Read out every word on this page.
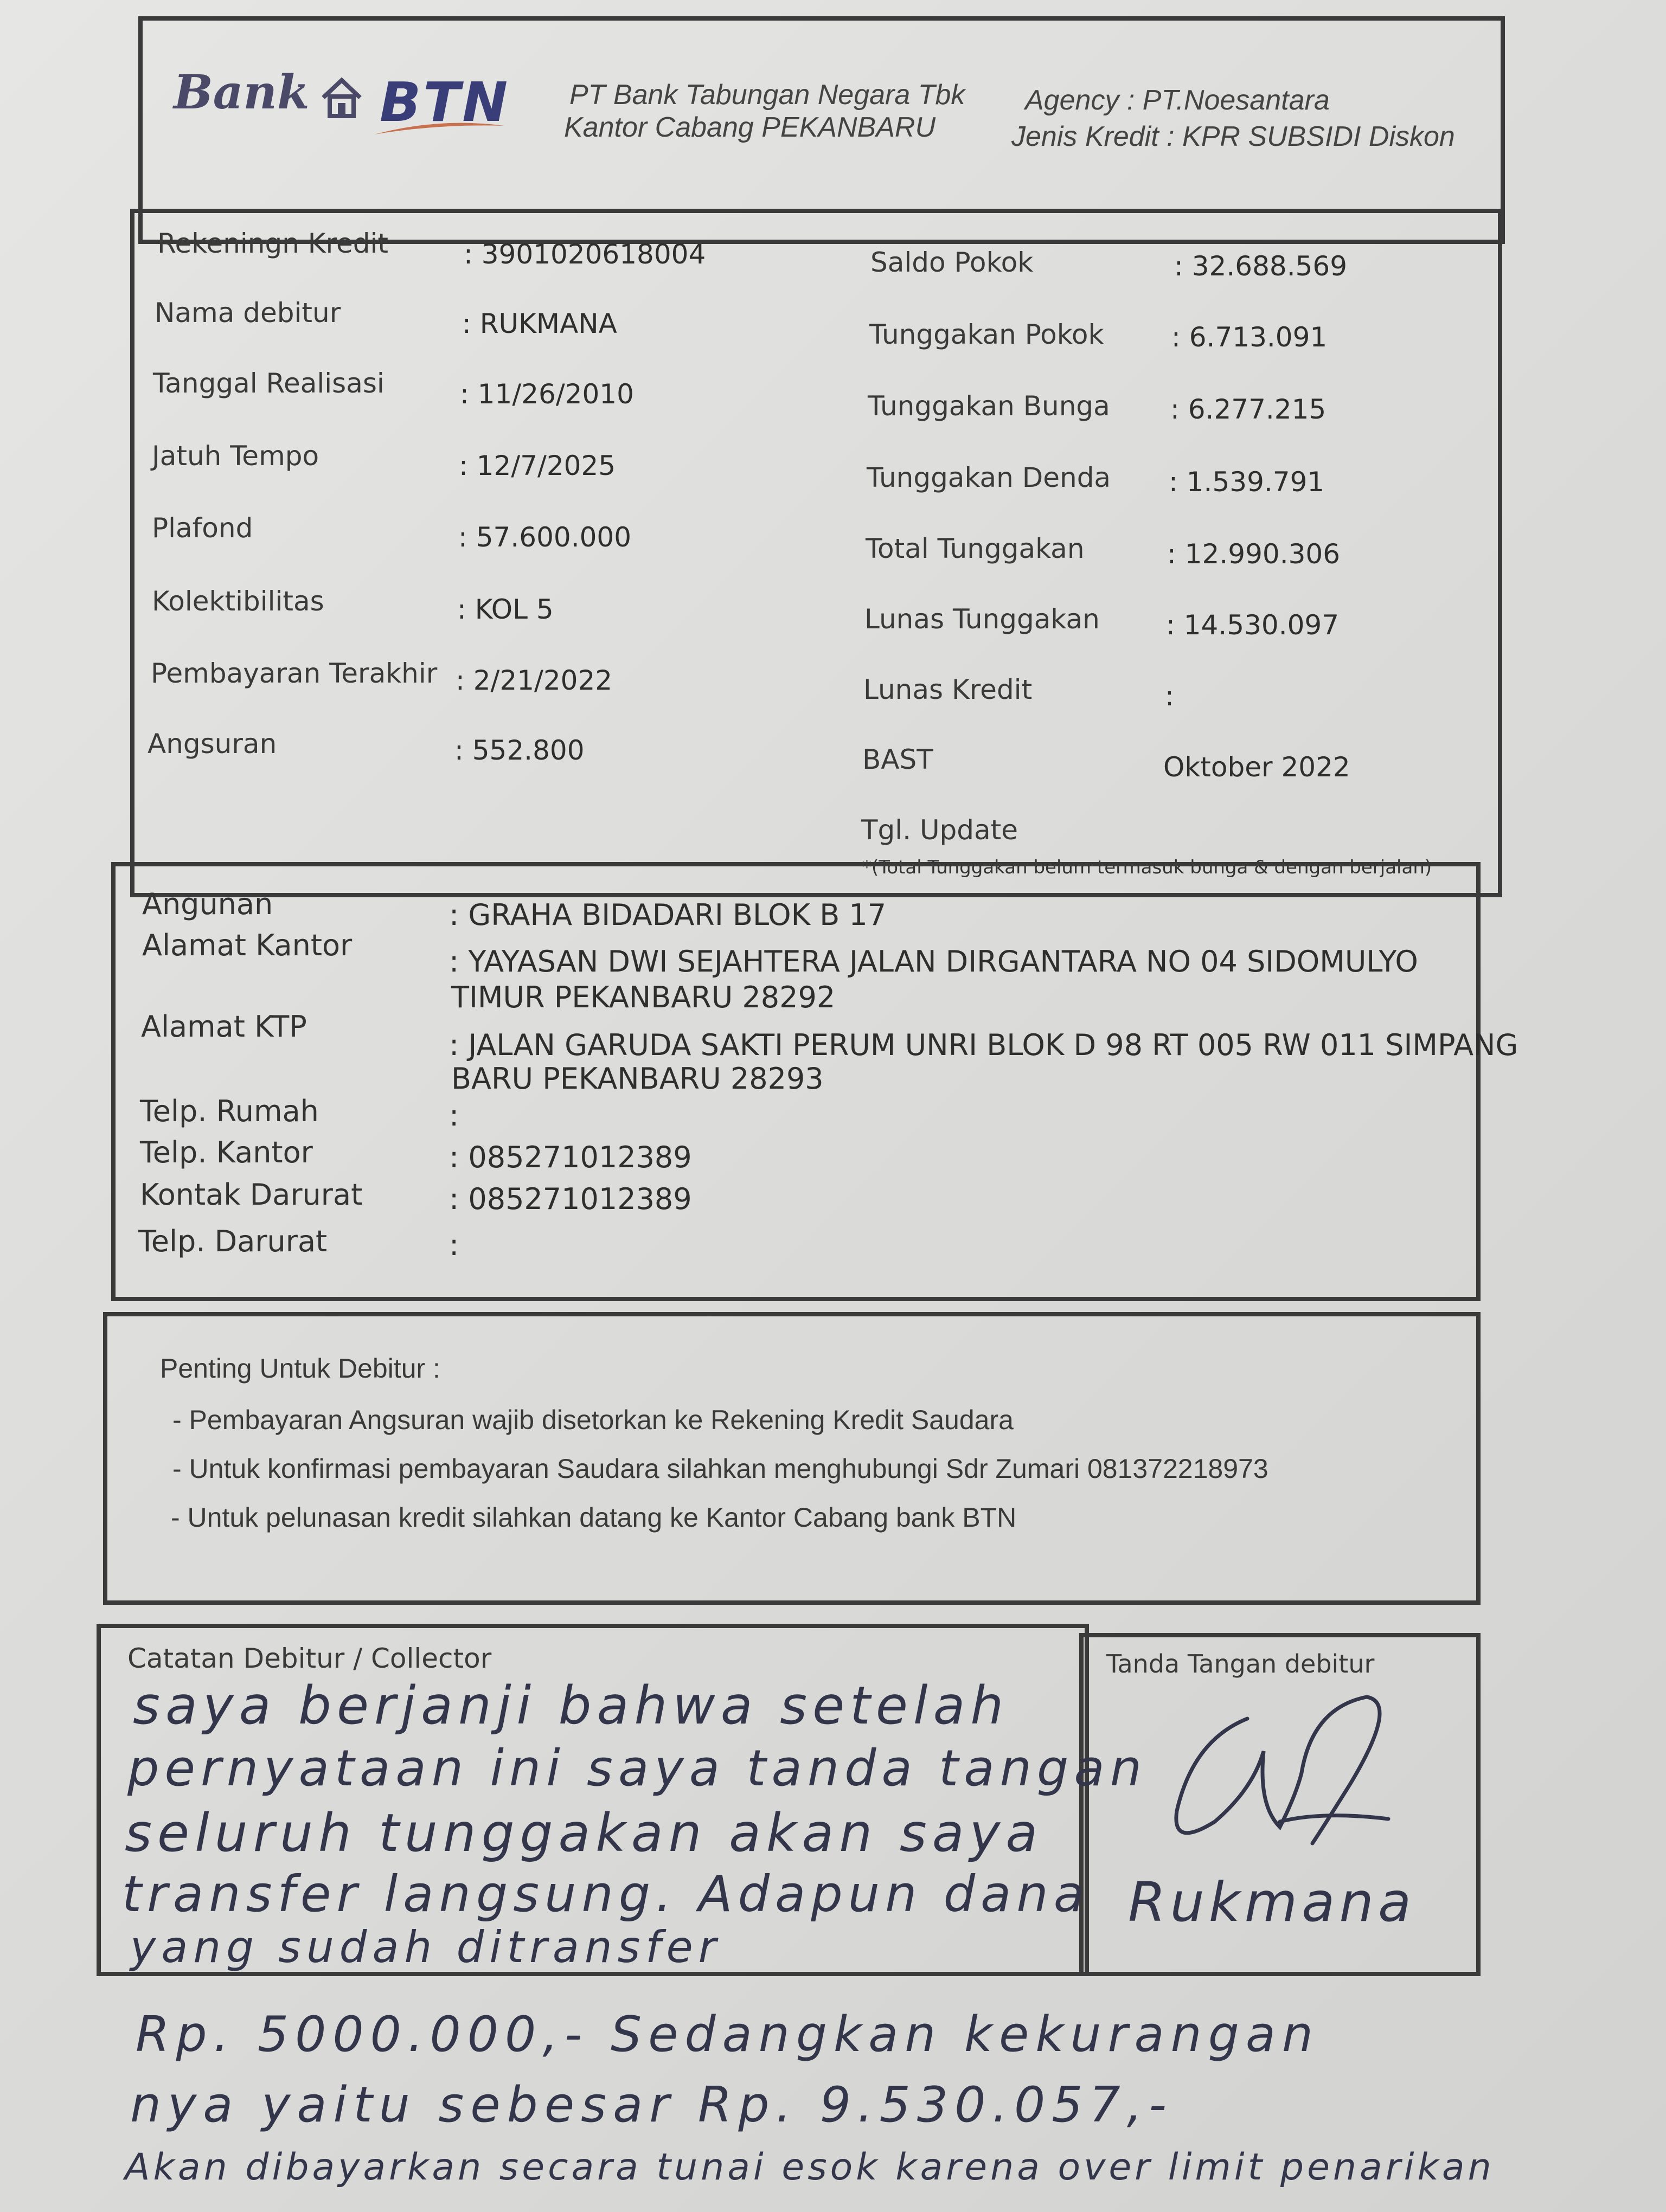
Bank BTN PT Bank Tabungan Negara Tbk
Kantor Cabang PEKANBARU
Agency : PT.Noesantara
Jenis Kredit : KPR SUBSIDI Diskon
Rekeningn Kredit	: 3901020618004
Nama debitur	: RUKMANA
Tanggal Realisasi	: 11/26/2010
Jatuh Tempo	: 12/7/2025
Plafond	: 57.600.000
Kolektibilitas	: KOL 5
Pembayaran Terakhir : 2/21/2022
Angsuran	: 552.800
Saldo Pokok	: 32.688.569
Tunggakan Pokok : 6.713.091
Tunggakan Bunga : 6.277.215
Tunggakan Denda : 1.539.791
Total Tunggakan	: 12.990.306
Lunas Tunggakan : 14.530.097
Lunas Kredit	:
BAST	Oktober 2022
Tgl. Update
*(Total Tunggakan belum termasuk bunga & dengan berjalan)
Angunan	: GRAHA BIDADARI BLOK B 17
Alamat Kantor	: YAYASAN DWI SEJAHTERA JALAN DIRGANTARA NO 04 SIDOMULYO
TIMUR PEKANBARU 28292
Alamat KTP
: JALAN GARUDA SAKTI PERUM UNRI BLOK D 98 RT 005 RW 011 SIMPANG
BARU PEKANBARU 28293
Telp. Rumah	:
Telp. Kantor	: 085271012389
Kontak Darurat	: 085271012389
Telp. Darurat	:
Penting Untuk Debitur :
- Pembayaran Angsuran wajib disetorkan ke Rekening Kredit Saudara
- Untuk konfirmasi pembayaran Saudara silahkan menghubungi Sdr Zumari 081372218973
- Untuk pelunasan kredit silahkan datang ke Kantor Cabang bank BTN
Catatan Debitur / Collector	Tanda Tangan debitur
saya berjanji bahwa setelah
pernyataan ini saya tanda tangan
seluruh tunggakan akan saya
transfer langsung. Adapun dana
yang sudah ditransfer
Rp. 5000.000,- Sedangkan kekurangan
nya yaitu sebesar Rp. 9.530.057,-
Akan dibayarkan secara tunai esok karena over limit penarikan
Rukmana
